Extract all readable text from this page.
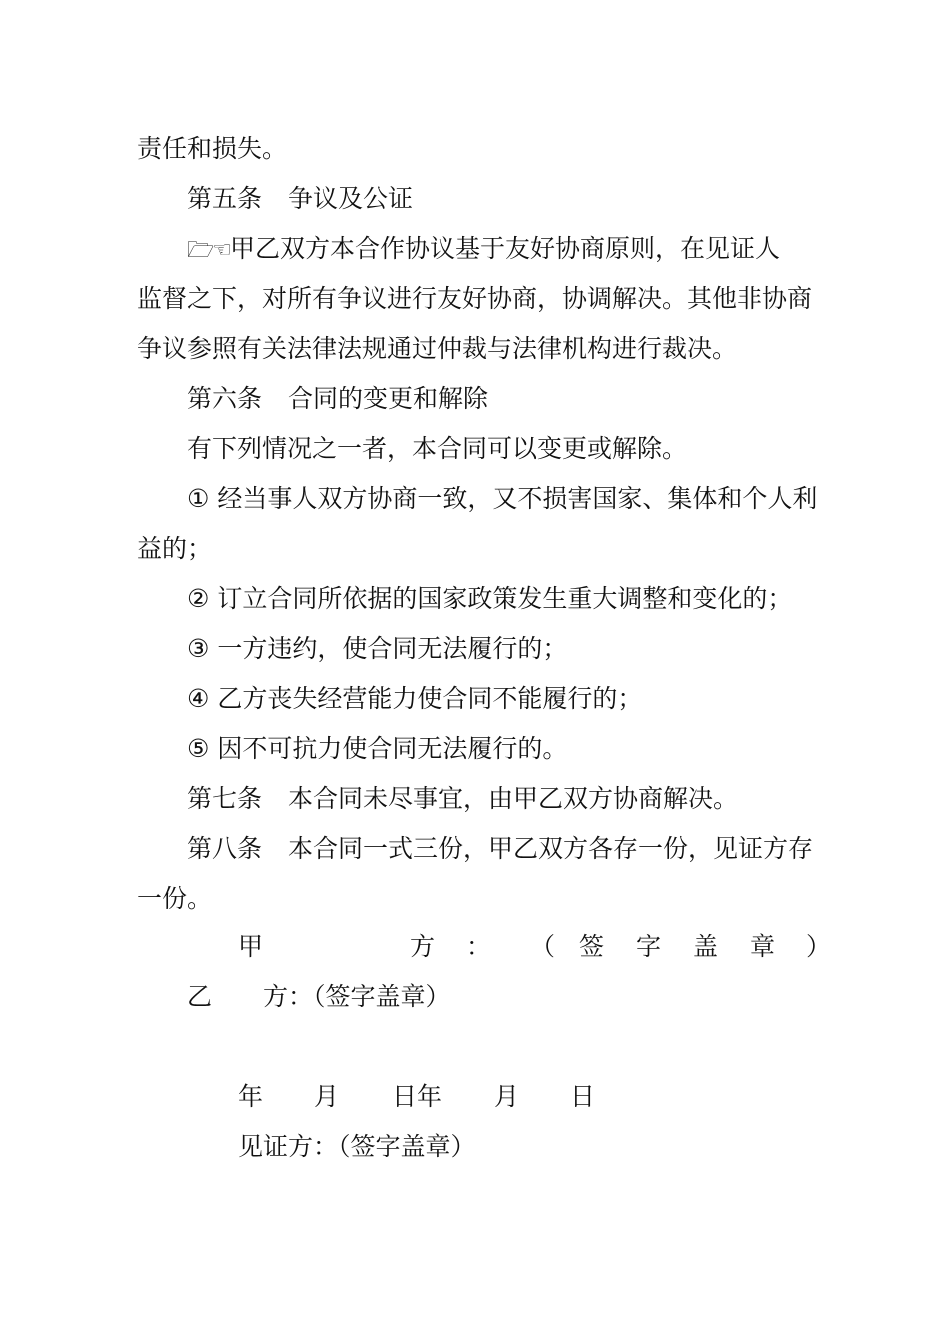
责任和损失。
第五条 争议及公证
🗁☜甲乙双方本合作协议基于友好协商原则，在见证人
监督之下，对所有争议进行友好协商，协调解决。其他非协商
争议参照有关法律法规通过仲裁与法律机构进行裁决。
第六条 合同的变更和解除
有下列情况之一者，本合同可以变更或解除。
① 经当事人双方协商一致，又不损害国家、集体和个人利
益的；
② 订立合同所依据的国家政策发生重大调整和变化的；
③ 一方违约，使合同无法履行的；
④ 乙方丧失经营能力使合同不能履行的；
⑤ 因不可抗力使合同无法履行的。
第七条 本合同未尽事宜，由甲乙双方协商解决。
第八条 本合同一式三份，甲乙双方各存一份，见证方存
一份。
甲	方 ： （ 签 字 盖 章 ）
乙 方：（签字盖章）
年 月 日年 月 日
见证方：（签字盖章）
